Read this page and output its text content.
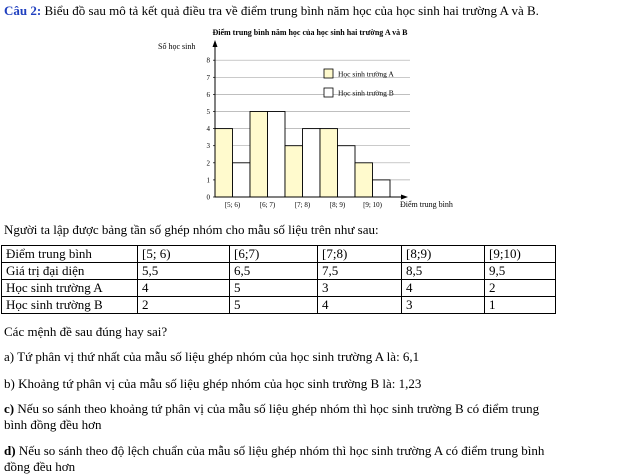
Câu 2: Biểu đồ sau mô tả kết quả điều tra về điểm trung bình năm học của học sinh hai trường A và B.
Điểm trung bình năm học của học sinh hai trường A và B
Số học sinh
Điểm trung bình
0
1
2
3
4
5
6
7
8
[5; 6)	[6; 7)	[7; 8)	[8; 9)	[9; 10)
Học sinh trường A
Học sinh trường B
Người ta lập được bảng tần số ghép nhóm cho mẫu số liệu trên như sau:
Điểm trung bình	[5; 6)	[6;7)	[7;8)	[8;9)	[9;10)
Giá trị đại diện	5,5	6,5	7,5	8,5	9,5
Học sinh trường A	4	5	3	4	2
Học sinh trường B	2	5	4	3	1
Các mệnh đề sau đúng hay sai?
a) Tứ phân vị thứ nhất của mẫu số liệu ghép nhóm của học sinh trường A là: 6,1
b) Khoảng tứ phân vị của mẫu số liệu ghép nhóm của học sinh trường B là: 1,23
c) Nếu so sánh theo khoảng tứ phân vị của mẫu số liệu ghép nhóm thì học sinh trường B có điểm trung
bình đồng đều hơn
d) Nếu so sánh theo độ lệch chuẩn của mẫu số liệu ghép nhóm thì học sinh trường A có điểm trung bình
đồng đều hơn
